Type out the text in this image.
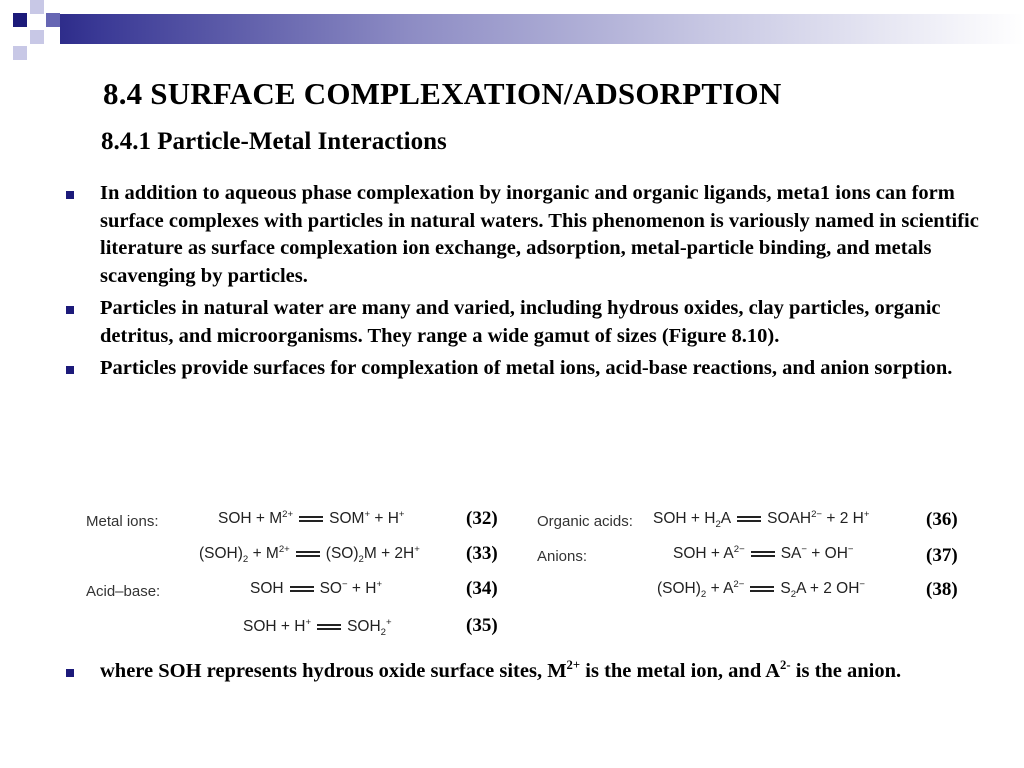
8.4 SURFACE COMPLEXATION/ADSORPTION
8.4.1 Particle-Metal Interactions
In addition to aqueous phase complexation by inorganic and organic ligands, meta1 ions can form surface complexes with particles in natural waters. This phenomenon is variously named in scientific literature as surface complexation ion exchange, adsorption, metal-particle binding, and metals scavenging by particles.
Particles in natural water are many and varied, including hydrous oxides, clay particles, organic detritus, and microorganisms. They range a wide gamut of sizes (Figure 8.10).
Particles provide surfaces for complexation of metal ions, acid-base reactions, and anion sorption.
Metal ions:
Acid–base:
Organic acids:
Anions:
SOH + $M^{2+}$ SOM+ + H+
$(SOH)_2 + M^{2+}$ $(SO)_2M + 2H^+$
SOH SO− + H+
SOH + H+ $SOH_2^+$
SOH + $H_2A$ $SOAH^{2-} + 2$ H+
SOH + $A^{2-}$ SA− + OH−
$(SOH)_2 + A^{2-}$ $S_2A + 2$ OH−
(32)
(33)
(34)
(35)
(36)
(37)
(38)
where SOH represents hydrous oxide surface sites, $M^{2+}$ is the metal ion, and $A^{2-}$ is the anion.
